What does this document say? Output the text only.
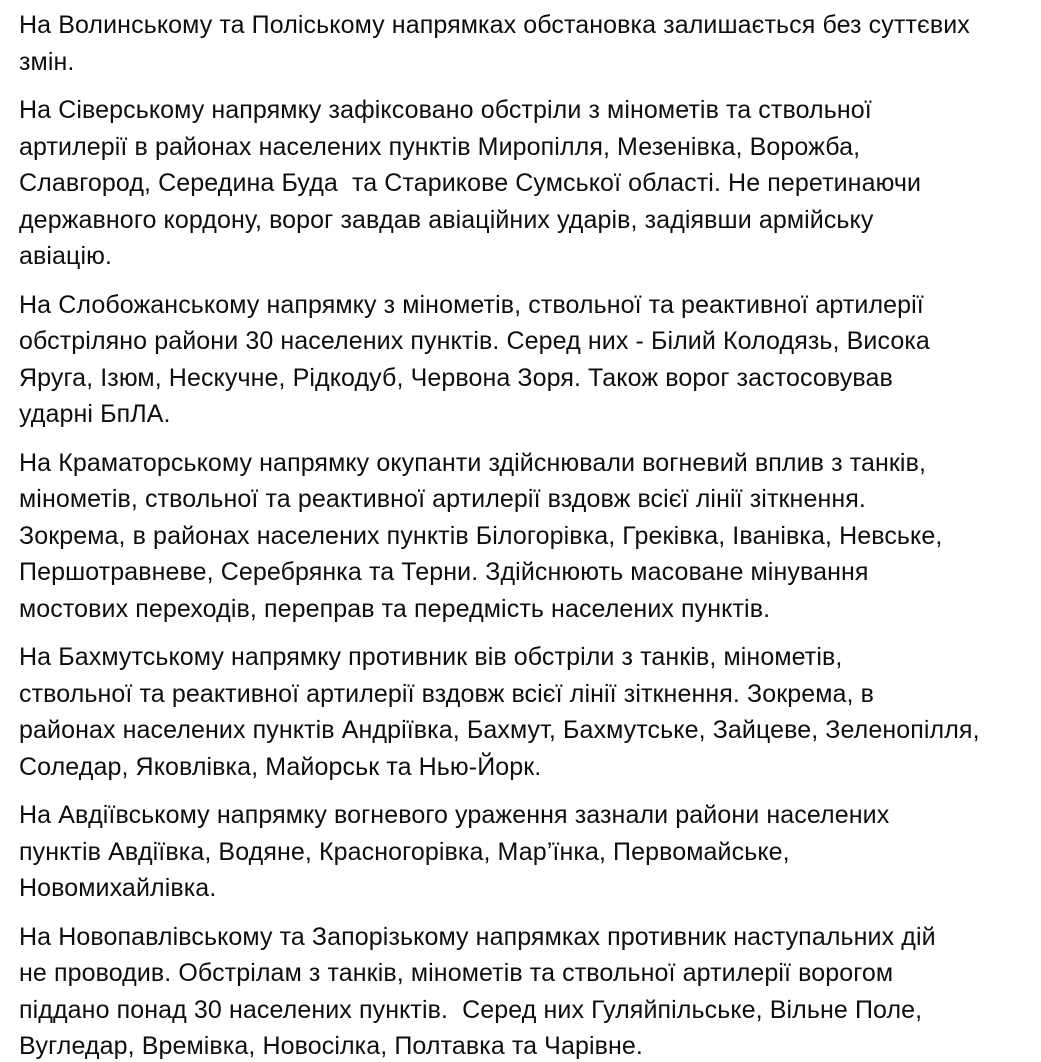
На Волинському та Поліському напрямках обстановка залишається без суттєвих
змін.

На Сіверському напрямку зафіксовано обстріли з мінометів та ствольної
артилерії в районах населених пунктів Миропілля, Мезенівка, Ворожба,
Славгород, Середина Буда  та Старикове Сумської області. Не перетинаючи
державного кордону, ворог завдав авіаційних ударів, задіявши армійську
авіацію.

На Слобожанському напрямку з мінометів, ствольної та реактивної артилерії
обстріляно райони 30 населених пунктів. Серед них - Білий Колодязь, Висока
Яруга, Ізюм, Нескучне, Рідкодуб, Червона Зоря. Також ворог застосовував
ударні БпЛА.

На Краматорському напрямку окупанти здійснювали вогневий вплив з танків,
мінометів, ствольної та реактивної артилерії вздовж всієї лінії зіткнення.
Зокрема, в районах населених пунктів Білогорівка, Греківка, Іванівка, Невське,
Першотравневе, Серебрянка та Терни. Здійснюють масоване мінування
мостових переходів, переправ та передмість населених пунктів.

На Бахмутському напрямку противник вів обстріли з танків, мінометів,
ствольної та реактивної артилерії вздовж всієї лінії зіткнення. Зокрема, в
районах населених пунктів Андріївка, Бахмут, Бахмутське, Зайцеве, Зеленопілля,
Соледар, Яковлівка, Майорськ та Нью-Йорк.

На Авдіївському напрямку вогневого ураження зазнали райони населених
пунктів Авдіївка, Водяне, Красногорівка, Мар’їнка, Первомайське,
Новомихайлівка.

На Новопавлівському та Запорізькому напрямках противник наступальних дій
не проводив. Обстрілам з танків, мінометів та ствольної артилерії ворогом
піддано понад 30 населених пунктів.  Серед них Гуляйпільське, Вільне Поле,
Вугледар, Времівка, Новосілка, Полтавка та Чарівне.
